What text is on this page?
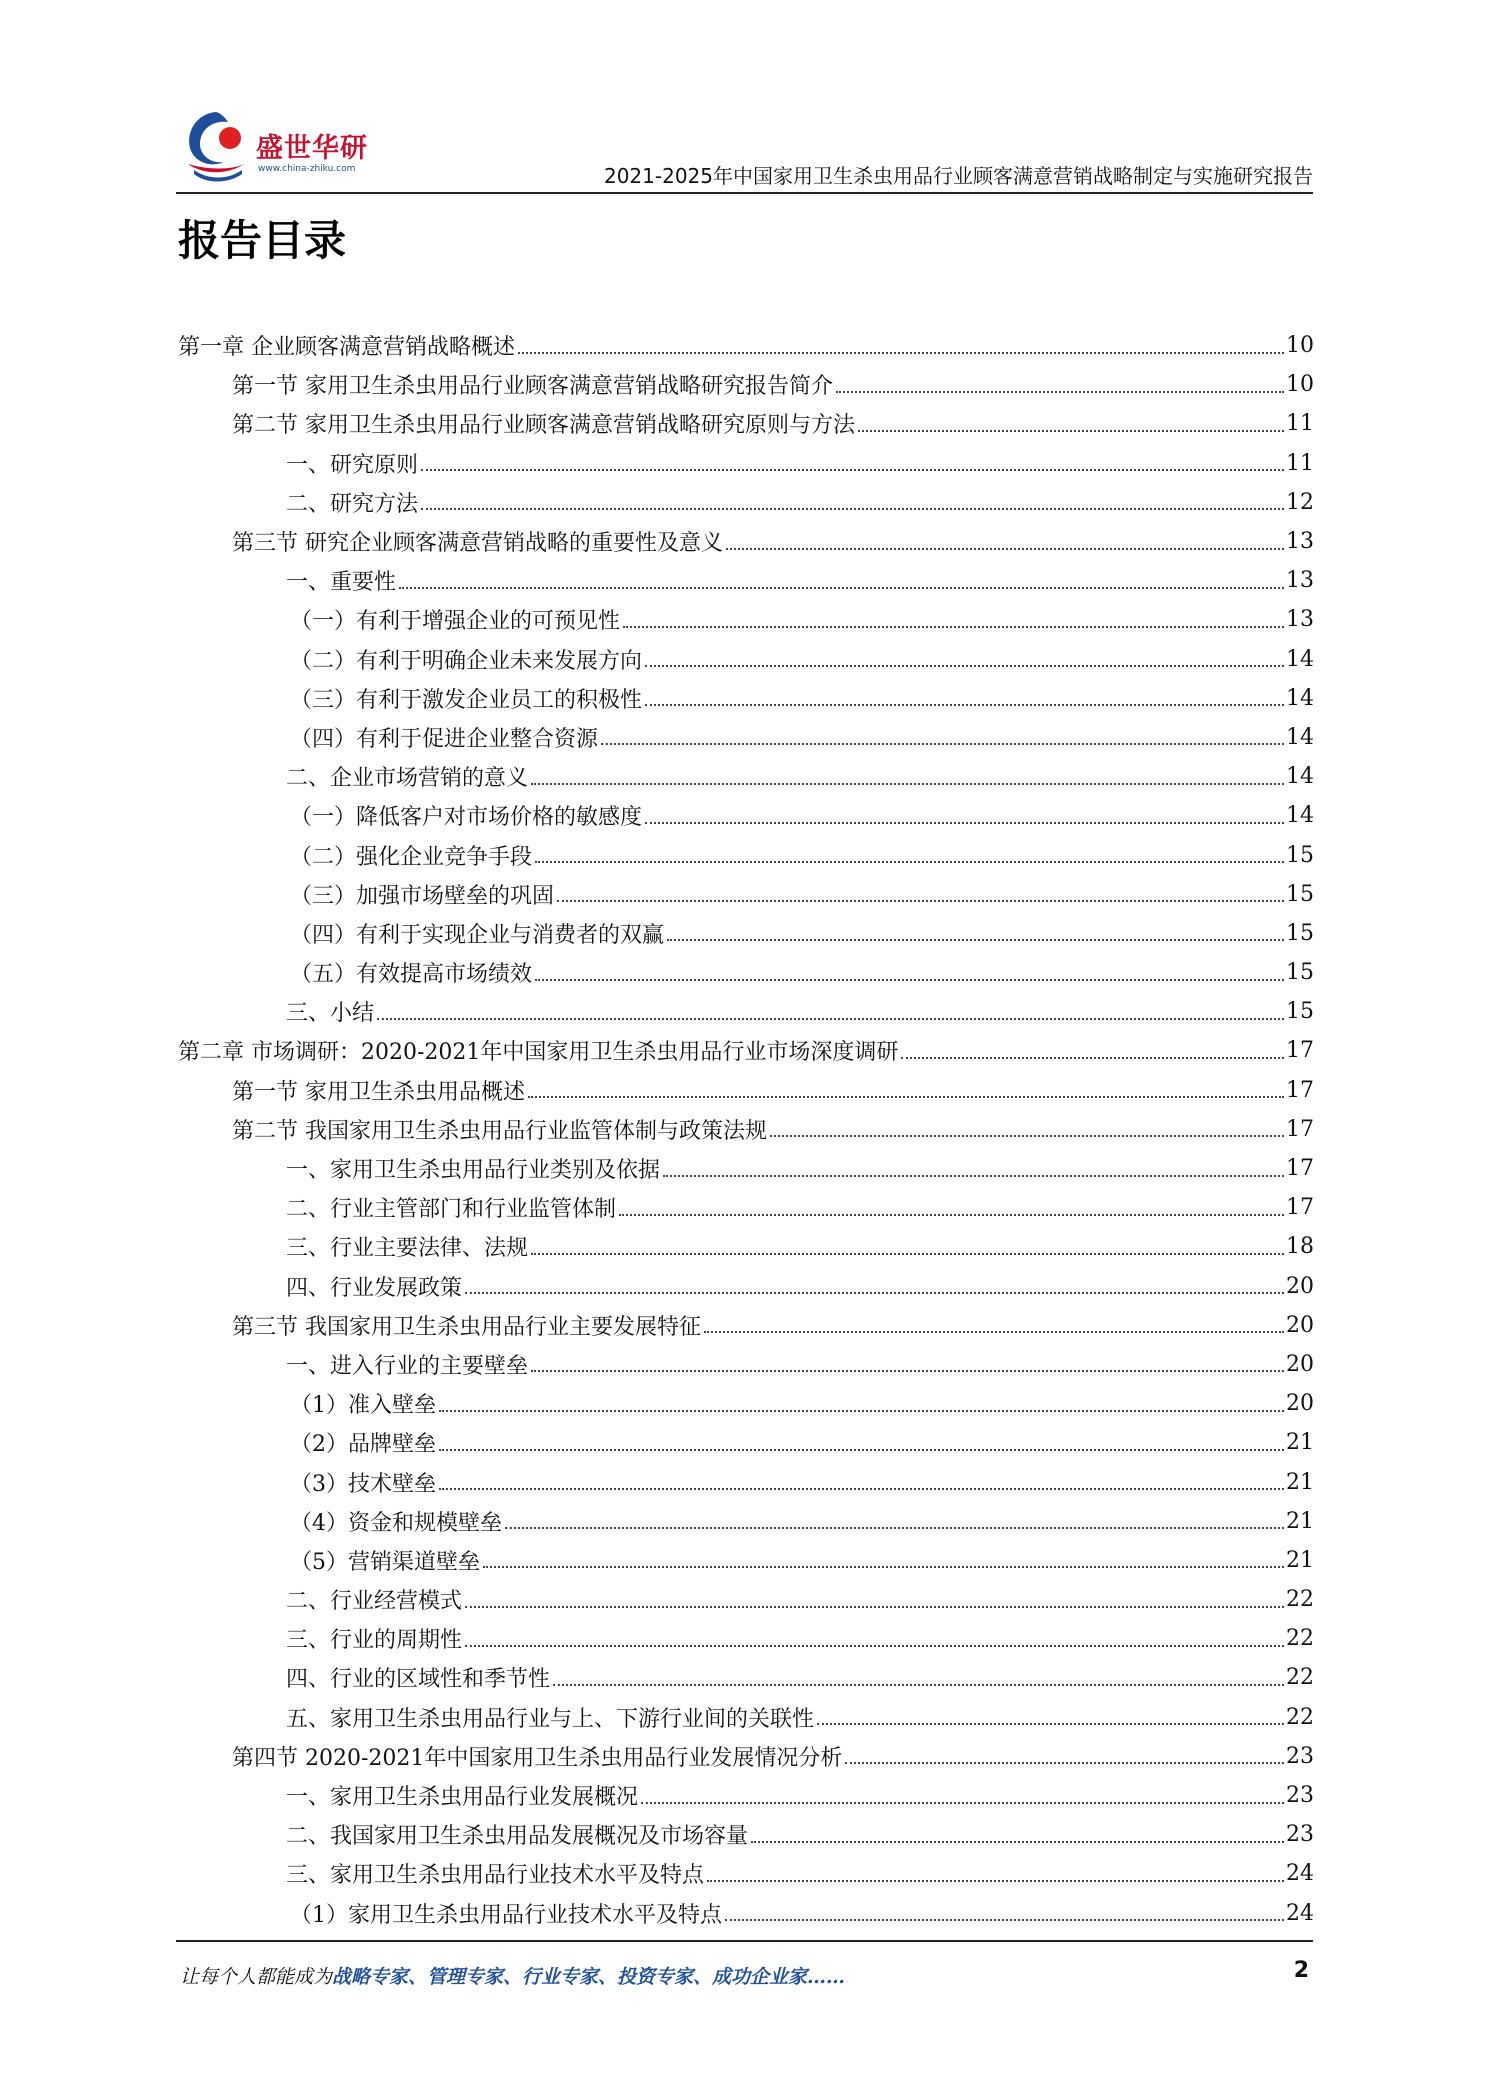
盛世华研
www.china-zhiku.com	2021-2025年中国家用卫生杀虫用品行业顾客满意营销战略制定与实施研究报告
报告目录
第一章 企业顾客满意营销战略概述	10
第一节 家用卫生杀虫用品行业顾客满意营销战略研究报告简介	10
第二节 家用卫生杀虫用品行业顾客满意营销战略研究原则与方法	11
一、研究原则	11
二、研究方法	12
第三节 研究企业顾客满意营销战略的重要性及意义	13
一、重要性	13
（一）有利于增强企业的可预见性	13
（二）有利于明确企业未来发展方向	14
（三）有利于激发企业员工的积极性	14
（四）有利于促进企业整合资源	14
二、企业市场营销的意义	14
（一）降低客户对市场价格的敏感度	14
（二）强化企业竞争手段	15
（三）加强市场壁垒的巩固	15
（四）有利于实现企业与消费者的双赢	15
（五）有效提高市场绩效	15
三、小结	15
第二章 市场调研：2020-2021年中国家用卫生杀虫用品行业市场深度调研	17
第一节 家用卫生杀虫用品概述	17
第二节 我国家用卫生杀虫用品行业监管体制与政策法规	17
一、家用卫生杀虫用品行业类别及依据	17
二、行业主管部门和行业监管体制	17
三、行业主要法律、法规	18
四、行业发展政策	20
第三节 我国家用卫生杀虫用品行业主要发展特征	20
一、进入行业的主要壁垒	20
（1）准入壁垒	20
（2）品牌壁垒	21
（3）技术壁垒	21
（4）资金和规模壁垒	21
（5）营销渠道壁垒	21
二、行业经营模式	22
三、行业的周期性	22
四、行业的区域性和季节性	22
五、家用卫生杀虫用品行业与上、下游行业间的关联性	22
第四节 2020-2021年中国家用卫生杀虫用品行业发展情况分析	23
一、家用卫生杀虫用品行业发展概况	23
二、我国家用卫生杀虫用品发展概况及市场容量	23
三、家用卫生杀虫用品行业技术水平及特点	24
（1）家用卫生杀虫用品行业技术水平及特点	24
让每个人都能成为战略专家、管理专家、行业专家、投资专家、成功企业家……	2
